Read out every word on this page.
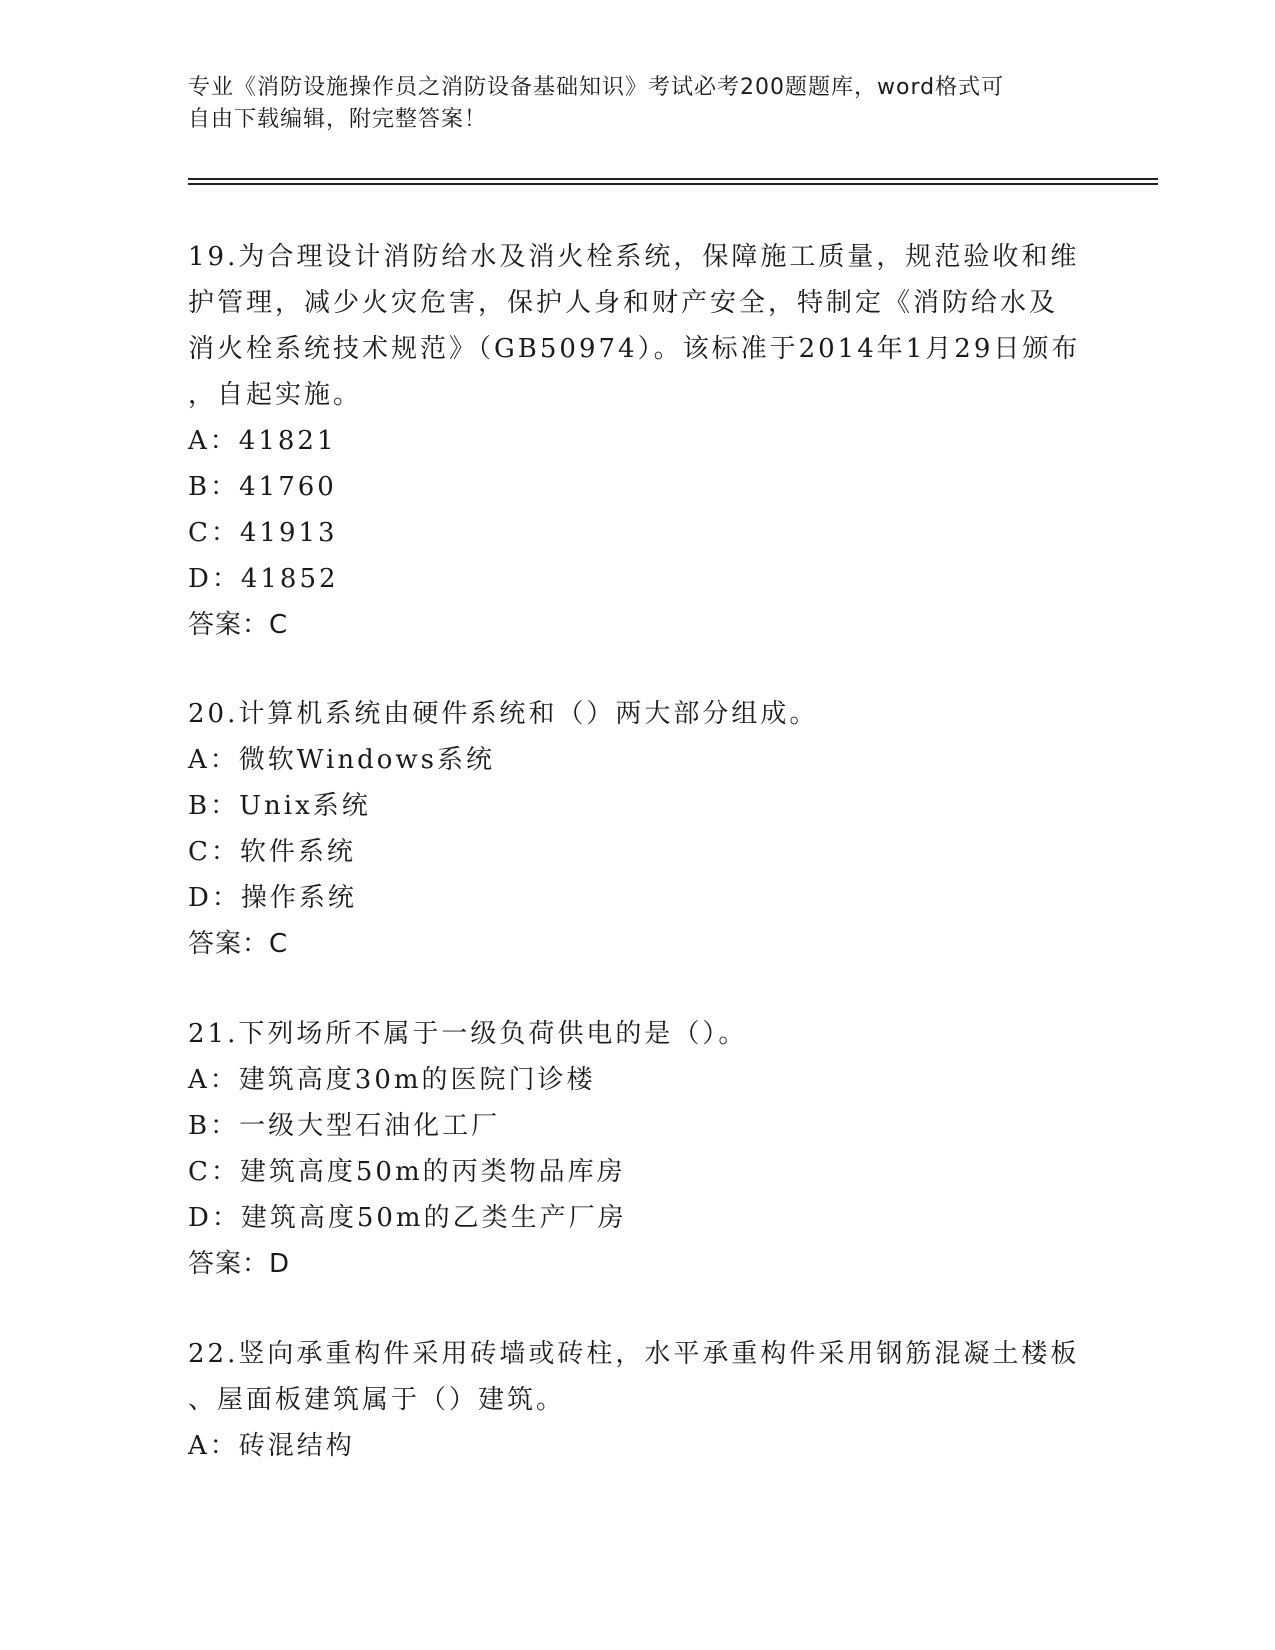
专业《消防设施操作员之消防设备基础知识》考试必考200题题库，word格式可
自由下载编辑，附完整答案！
19.为合理设计消防给水及消火栓系统，保障施工质量，规范验收和维
护管理，减少火灾危害，保护人身和财产安全，特制定《消防给水及
消火栓系统技术规范》（GB50974）。该标准于2014年1月29日颁布
，自起实施。
A：41821
B：41760
C：41913
D：41852
答案：C
20.计算机系统由硬件系统和（）两大部分组成。
A：微软Windows系统
B：Unix系统
C：软件系统
D：操作系统
答案：C
21.下列场所不属于一级负荷供电的是（）。
A：建筑高度30m的医院门诊楼
B：一级大型石油化工厂
C：建筑高度50m的丙类物品库房
D：建筑高度50m的乙类生产厂房
答案：D
22.竖向承重构件采用砖墙或砖柱，水平承重构件采用钢筋混凝土楼板
、屋面板建筑属于（）建筑。
A：砖混结构
